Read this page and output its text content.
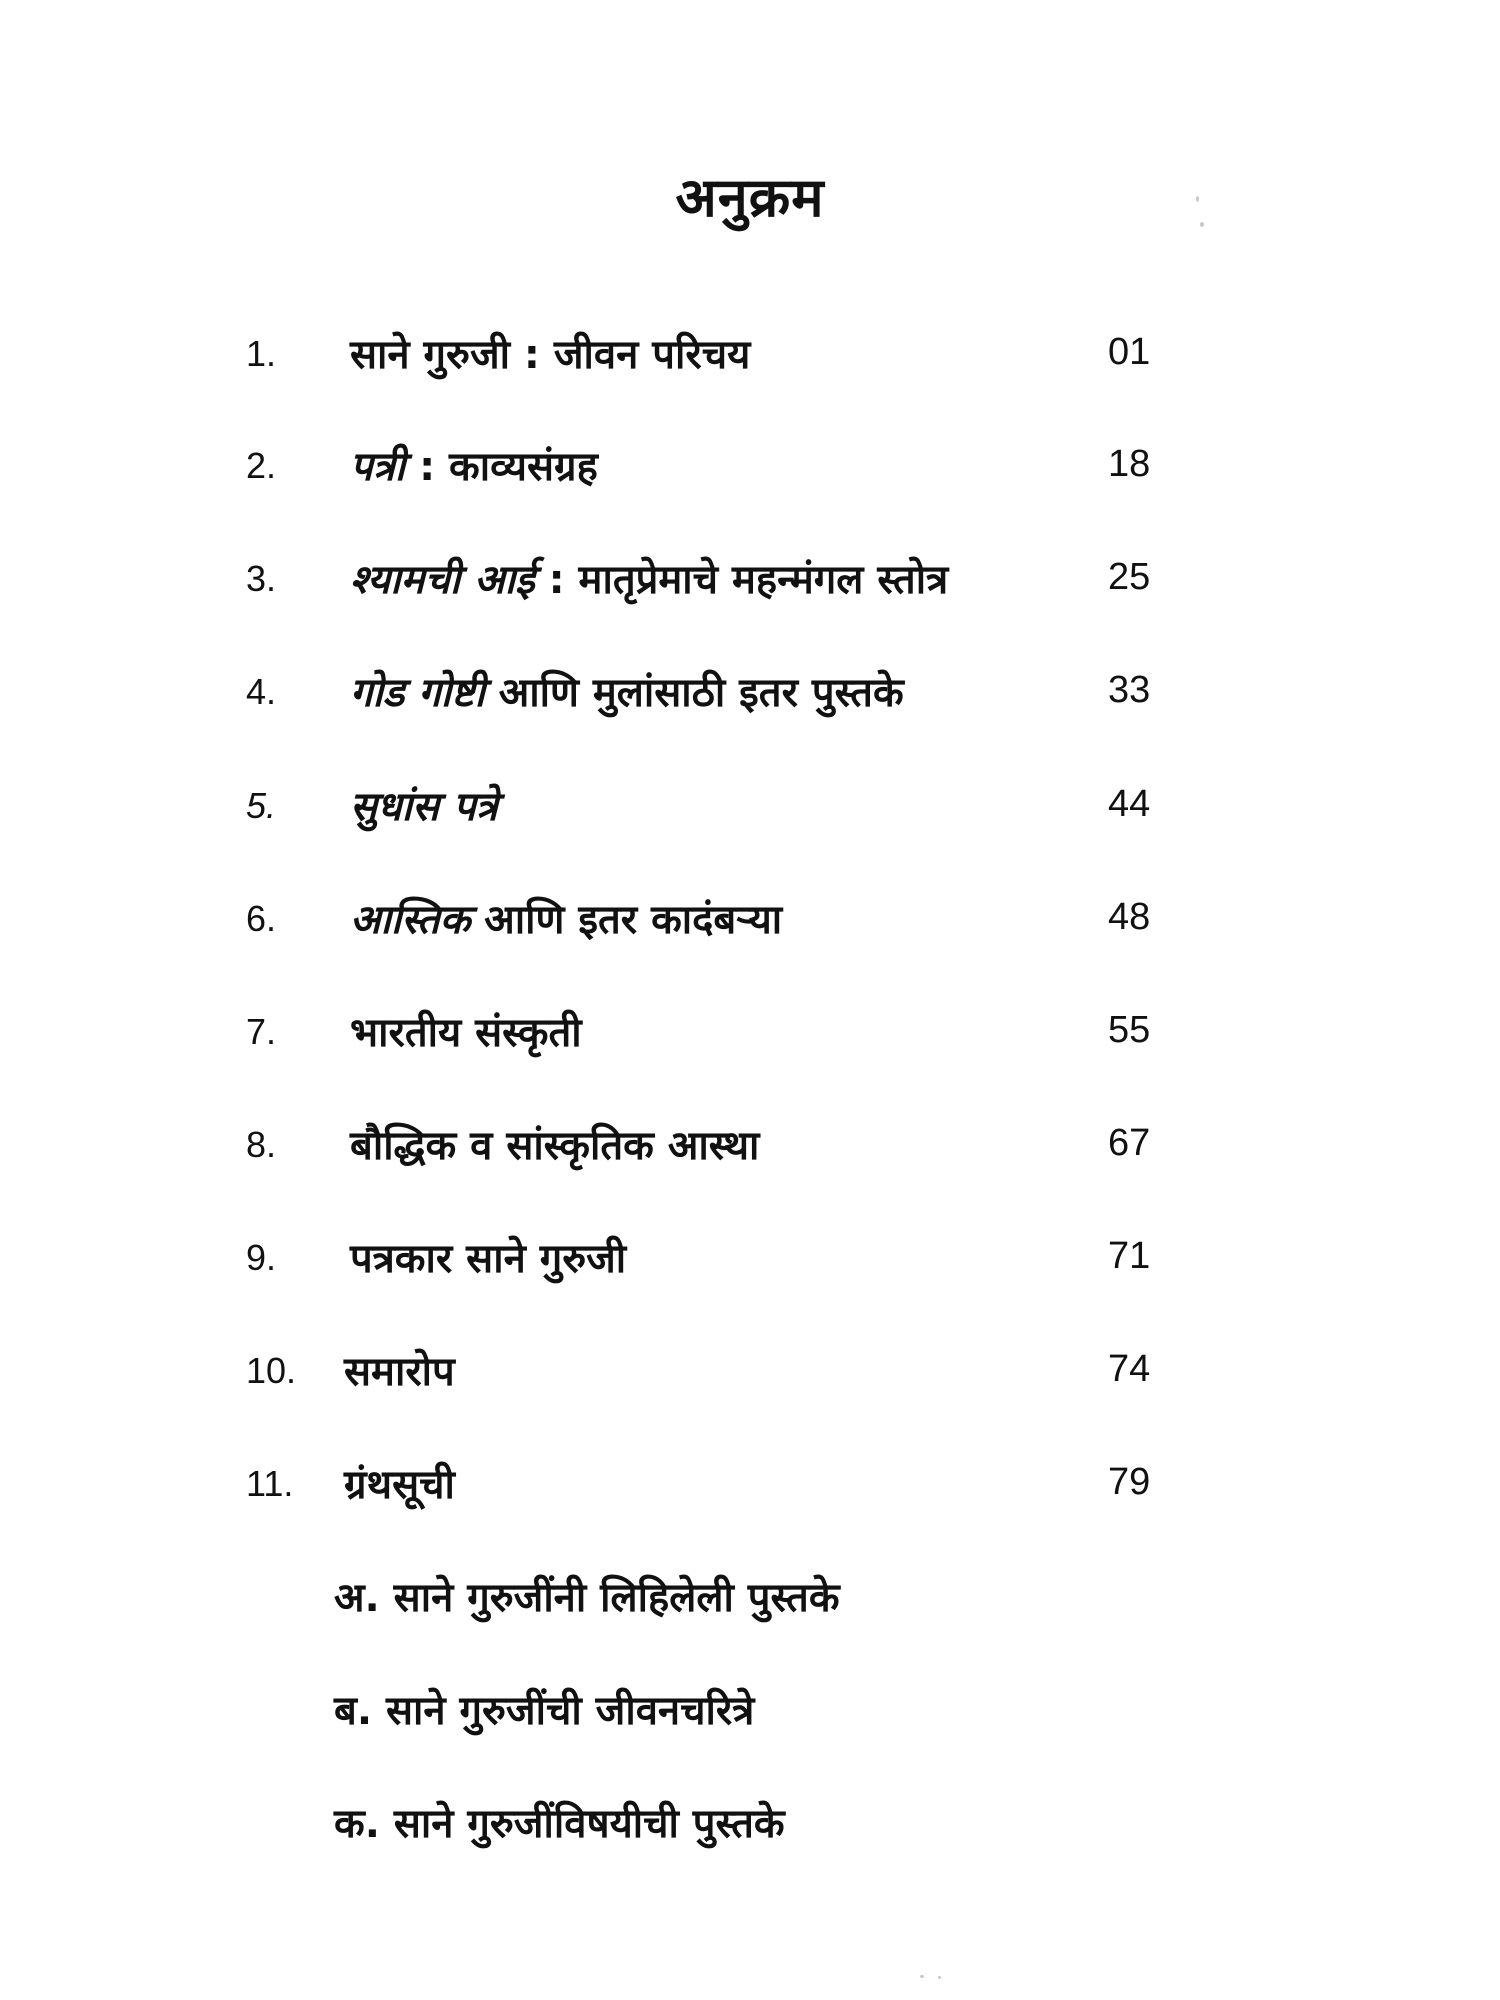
अनुक्रम
1. साने गुरुजी : जीवन परिचय	01
2. पत्री : काव्यसंग्रह	18
3. श्यामची आई : मातृप्रेमाचे महन्मंगल स्तोत्र	25
4. गोड गोष्टी आणि मुलांसाठी इतर पुस्तके	33
5. सुधांस पत्रे	44
6. आस्तिक आणि इतर कादंबऱ्या	48
7. भारतीय संस्कृती	55
8. बौद्धिक व सांस्कृतिक आस्था	67
9. पत्रकार साने गुरुजी	71
10. समारोप	74
11. ग्रंथसूची	79
अ. साने गुरुजींनी लिहिलेली पुस्तके
ब. साने गुरुजींची जीवनचरित्रे
क. साने गुरुजींविषयीची पुस्तके
